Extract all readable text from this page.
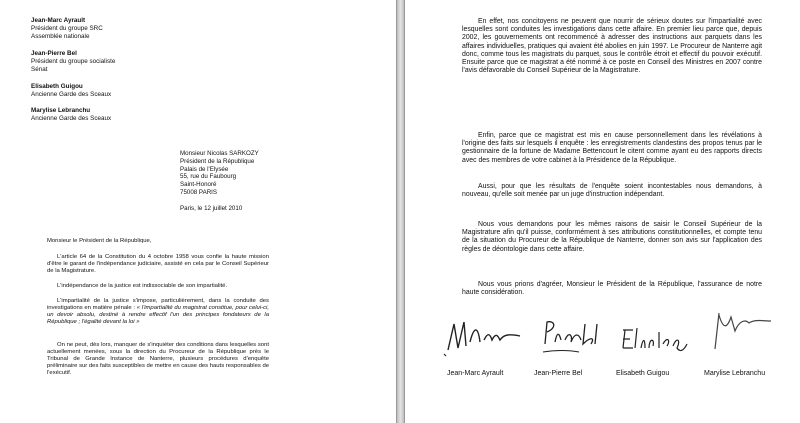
Jean-Marc Ayrault
Président du groupe SRC
Assemblée nationale
Jean-Pierre Bel
Président du groupe socialiste
Sénat
Elisabeth Guigou
Ancienne Garde des Sceaux
Marylise Lebranchu
Ancienne Garde des Sceaux
Monsieur Nicolas SARKOZY
Président de la République
Palais de l'Elysée
55, rue du Faubourg
Saint-Honoré
75008 PARIS
Paris, le 12 juillet 2010
Monsieur le Président de la République,
L'article 64 de la Constitution du 4 octobre 1958 vous confie la haute mission d'être le garant de l'indépendance judiciaire, assisté en cela par le Conseil Supérieur de la Magistrature.
L'indépendance de la justice est indissociable de son impartialité.
L'impartialité de la justice s'impose, particulièrement, dans la conduite des investigations en matière pénale : « l'impartialité du magistrat constitue, pour celui-ci, un devoir absolu, destiné à rendre effectif l'un des principes fondateurs de la République ; l'égalité devant la loi »
On ne peut, dès lors, manquer de s'inquiéter des conditions dans lesquelles sont actuellement menées, sous la direction du Procureur de la République près le Tribunal de Grande Instance de Nanterre, plusieurs procédures d'enquête préliminaire sur des faits susceptibles de mettre en cause des hauts responsables de l'exécutif.
En effet, nos concitoyens ne peuvent que nourrir de sérieux doutes sur l'impartialité avec lesquelles sont conduites les investigations dans cette affaire. En premier lieu parce que, depuis 2002, les gouvernements ont recommencé à adresser des instructions aux parquets dans les affaires individuelles, pratiques qui avaient été abolies en juin 1997. Le Procureur de Nanterre agit donc, comme tous les magistrats du parquet, sous le contrôle étroit et effectif du pouvoir exécutif. Ensuite parce que ce magistrat a été nommé à ce poste en Conseil des Ministres en 2007 contre l'avis défavorable du Conseil Supérieur de la Magistrature.
Enfin, parce que ce magistrat est mis en cause personnellement dans les révélations à l'origine des faits sur lesquels il enquête : les enregistrements clandestins des propos tenus par le gestionnaire de la fortune de Madame Bettencourt le citent comme ayant eu des rapports directs avec des membres de votre cabinet à la Présidence de la République.
Aussi, pour que les résultats de l'enquête soient incontestables nous demandons, à nouveau, qu'elle soit menée par un juge d'instruction indépendant.
Nous vous demandons pour les mêmes raisons de saisir le Conseil Supérieur de la Magistrature afin qu'il puisse, conformément à ses attributions constitutionnelles, et compte tenu de la situation du Procureur de la République de Nanterre, donner son avis sur l'application des règles de déontologie dans cette affaire.
Nous vous prions d'agréer, Monsieur le Président de la République, l'assurance de notre haute considération.
Jean-Marc Ayrault	Jean-Pierre Bel	Elisabeth Guigou	Marylise Lebranchu
